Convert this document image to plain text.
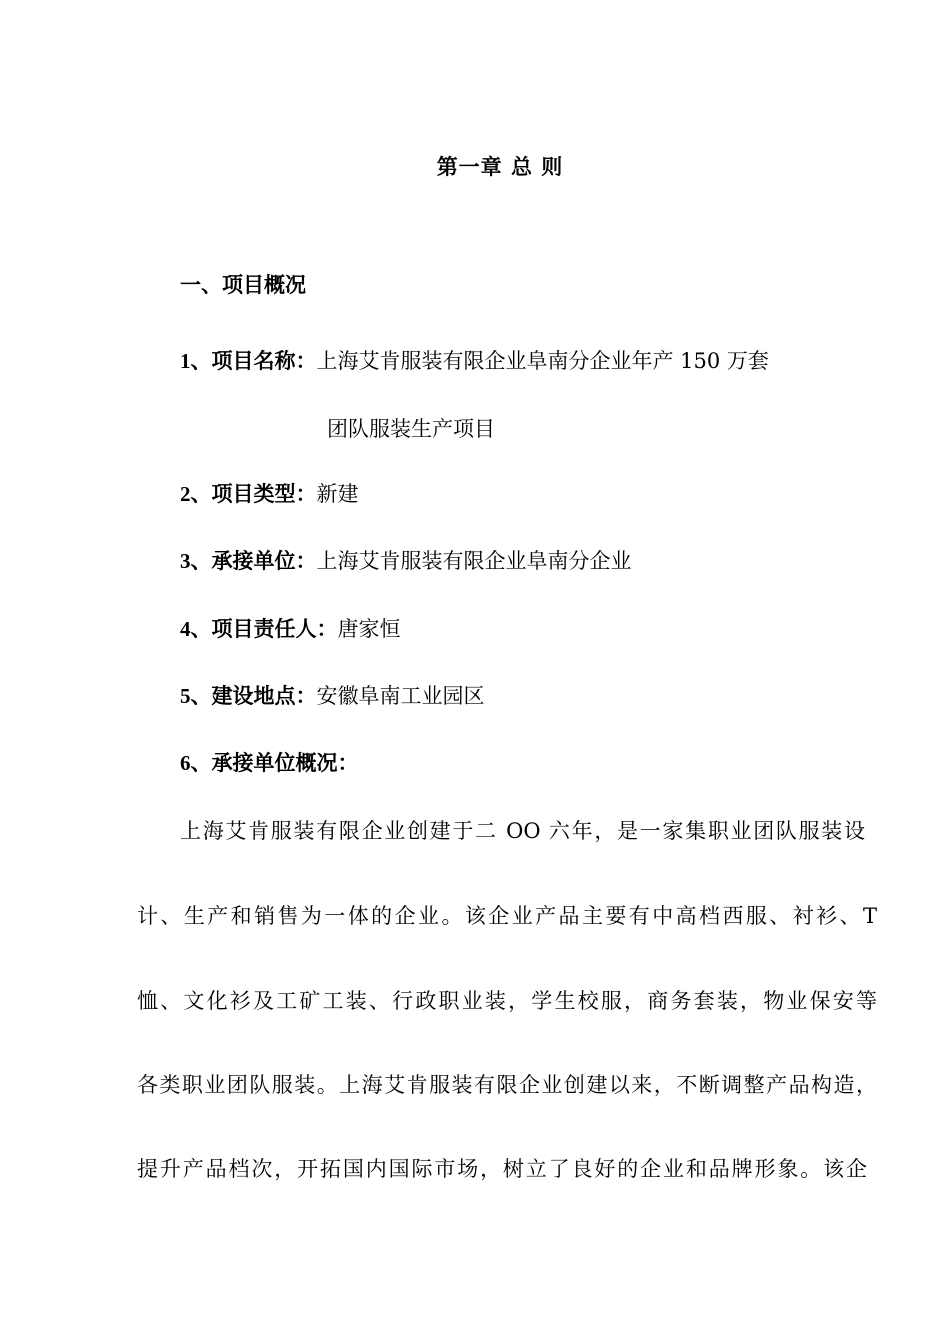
第一章 总 则
一、项目概况
1、项目名称：上海艾肯服装有限企业阜南分企业年产 150 万套
团队服装生产项目
2、项目类型：新建
3、承接单位：上海艾肯服装有限企业阜南分企业
4、项目责任人：唐家恒
5、建设地点：安徽阜南工业园区
6、承接单位概况：
上海艾肯服装有限企业创建于二 OO 六年，是一家集职业团队服装设
计、生产和销售为一体的企业。该企业产品主要有中高档西服、衬衫、T
恤、文化衫及工矿工装、行政职业装，学生校服，商务套装，物业保安等
各类职业团队服装。上海艾肯服装有限企业创建以来，不断调整产品构造，
提升产品档次，开拓国内国际市场，树立了良好的企业和品牌形象。该企
